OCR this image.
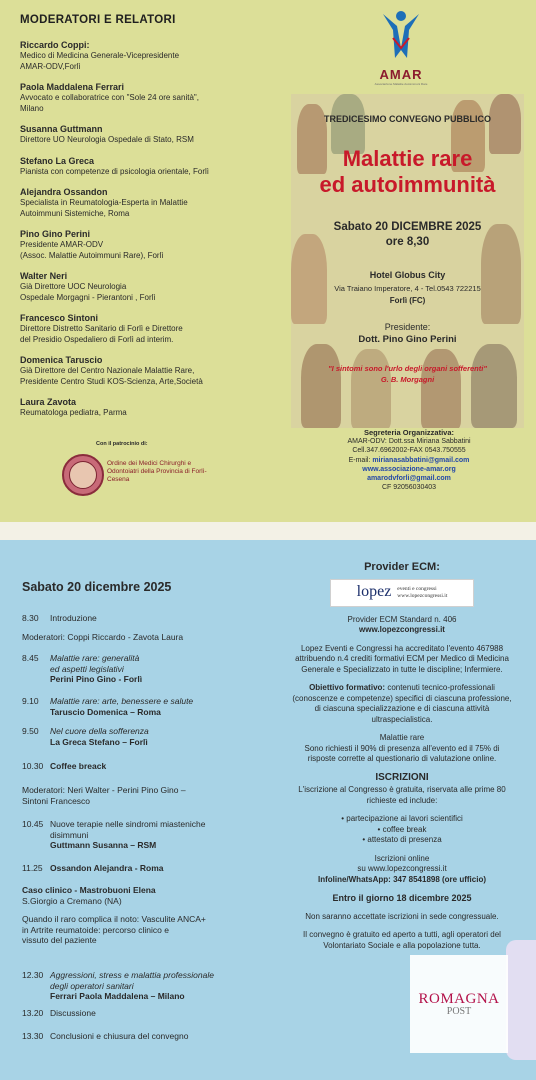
MODERATORI E RELATORI
Riccardo Coppi:
Medico di Medicina Generale-Vicepresidente
AMAR-ODV,Forlì
Paola Maddalena Ferrari
Avvocato e collaboratrice con "Sole 24 ore sanità",
Milano
Susanna Guttmann
Direttore UO Neurologia Ospedale di Stato, RSM
Stefano La Greca
Pianista con competenze di psicologia orientale, Forlì
Alejandra Ossandon
Specialista in Reumatologia-Esperta in Malattie
Autoimmuni Sistemiche, Roma
Pino Gino Perini
Presidente AMAR-ODV
(Assoc. Malattie Autoimmuni Rare), Forlì
Walter Neri
Già Direttore UOC Neurologia
Ospedale Morgagni - Pierantoni , Forlì
Francesco Sintoni
Direttore Distretto Sanitario di Forlì e Direttore
del Presidio Ospedaliero di Forlì ad interim.
Domenica Taruscio
Già Direttore del Centro Nazionale Malattie Rare,
Presidente Centro Studi KOS-Scienza, Arte,Società
Laura Zavota
Reumatologa pediatra, Parma
Con il patrocinio di:
Ordine dei Medici Chirurghi e Odontoiatri della Provincia di Forlì-Cesena
AMAR
Associazione Malattie Autoimmuni Rare
TREDICESIMO CONVEGNO PUBBLICO
Malattie rare
ed autoimmunità
Sabato 20 DICEMBRE 2025
ore 8,30
Hotel Globus City
Via Traiano Imperatore, 4 - Tel.0543 722215
Forlì (FC)
Presidente:
Dott. Pino Gino Perini
"I sintomi sono l'urlo degli organi sofferenti"
G. B. Morgagni
Segreteria Organizzativa:
AMAR-ODV: Dott.ssa Miriana Sabbatini
Cell.347.6962002-FAX 0543.750555
E-mail: mirianasabbatini@gmail.com
www.associazione-amar.org
amarodvforli@gmail.com
CF 92056030403
Sabato 20 dicembre 2025
8.30	Introduzione
Moderatori: Coppi Riccardo - Zavota Laura
8.45	Malattie rare: generalità
ed aspetti legislativi
Perini Pino Gino - Forlì
9.10	Malattie rare: arte, benessere e salute
Taruscio Domenica – Roma
9.50	Nel cuore della sofferenza
La Greca Stefano – Forlì
10.30 Coffee breack
Moderatori: Neri Walter - Perini Pino Gino –
Sintoni Francesco
10.45 Nuove terapie nelle sindromi miasteniche
disimmuni
Guttmann Susanna – RSM
11.25 Ossandon Alejandra - Roma
Caso clinico - Mastrobuoni Elena
S.Giorgio a Cremano (NA)
Quando il raro complica il noto: Vasculite ANCA+
in Artrite reumatoide: percorso clinico e
vissuto del paziente
12.30 Aggressioni, stress e malattia professionale
degli operatori sanitari
Ferrari Paola Maddalena – Milano
13.20 Discussione
13.30 Conclusioni e chiusura del convegno
Provider ECM:
lopez eventi e congressi
www.lopezcongressi.it
Provider ECM Standard n. 406
www.lopezcongressi.it
Lopez Eventi e Congressi ha accreditato l'evento 467988 attribuendo n.4 crediti formativi ECM per Medico di Medicina Generale e Specializzato in tutte le discipline; Infermiere.
Obiettivo formativo: contenuti tecnico-professionali (conoscenze e competenze) specifici di ciascuna professione, di ciascuna specializzazione e di ciascuna attività ultraspecialistica.
Malattie rare
Sono richiesti il 90% di presenza all'evento ed il 75% di risposte corrette al questionario di valutazione online.
ISCRIZIONI
L'iscrizione al Congresso è gratuita, riservata alle prime 80 richieste ed include:
• partecipazione ai lavori scientifici
• coffee break
• attestato di presenza
Iscrizioni online
su www.lopezcongressi.it
Infoline/WhatsApp: 347 8541898 (ore ufficio)
Entro il giorno 18 dicembre 2025
Non saranno accettate iscrizioni in sede congressuale.
Il convegno è gratuito ed aperto a tutti, agli operatori del Volontariato Sociale e alla popolazione tutta.
ROMAGNA
POST
